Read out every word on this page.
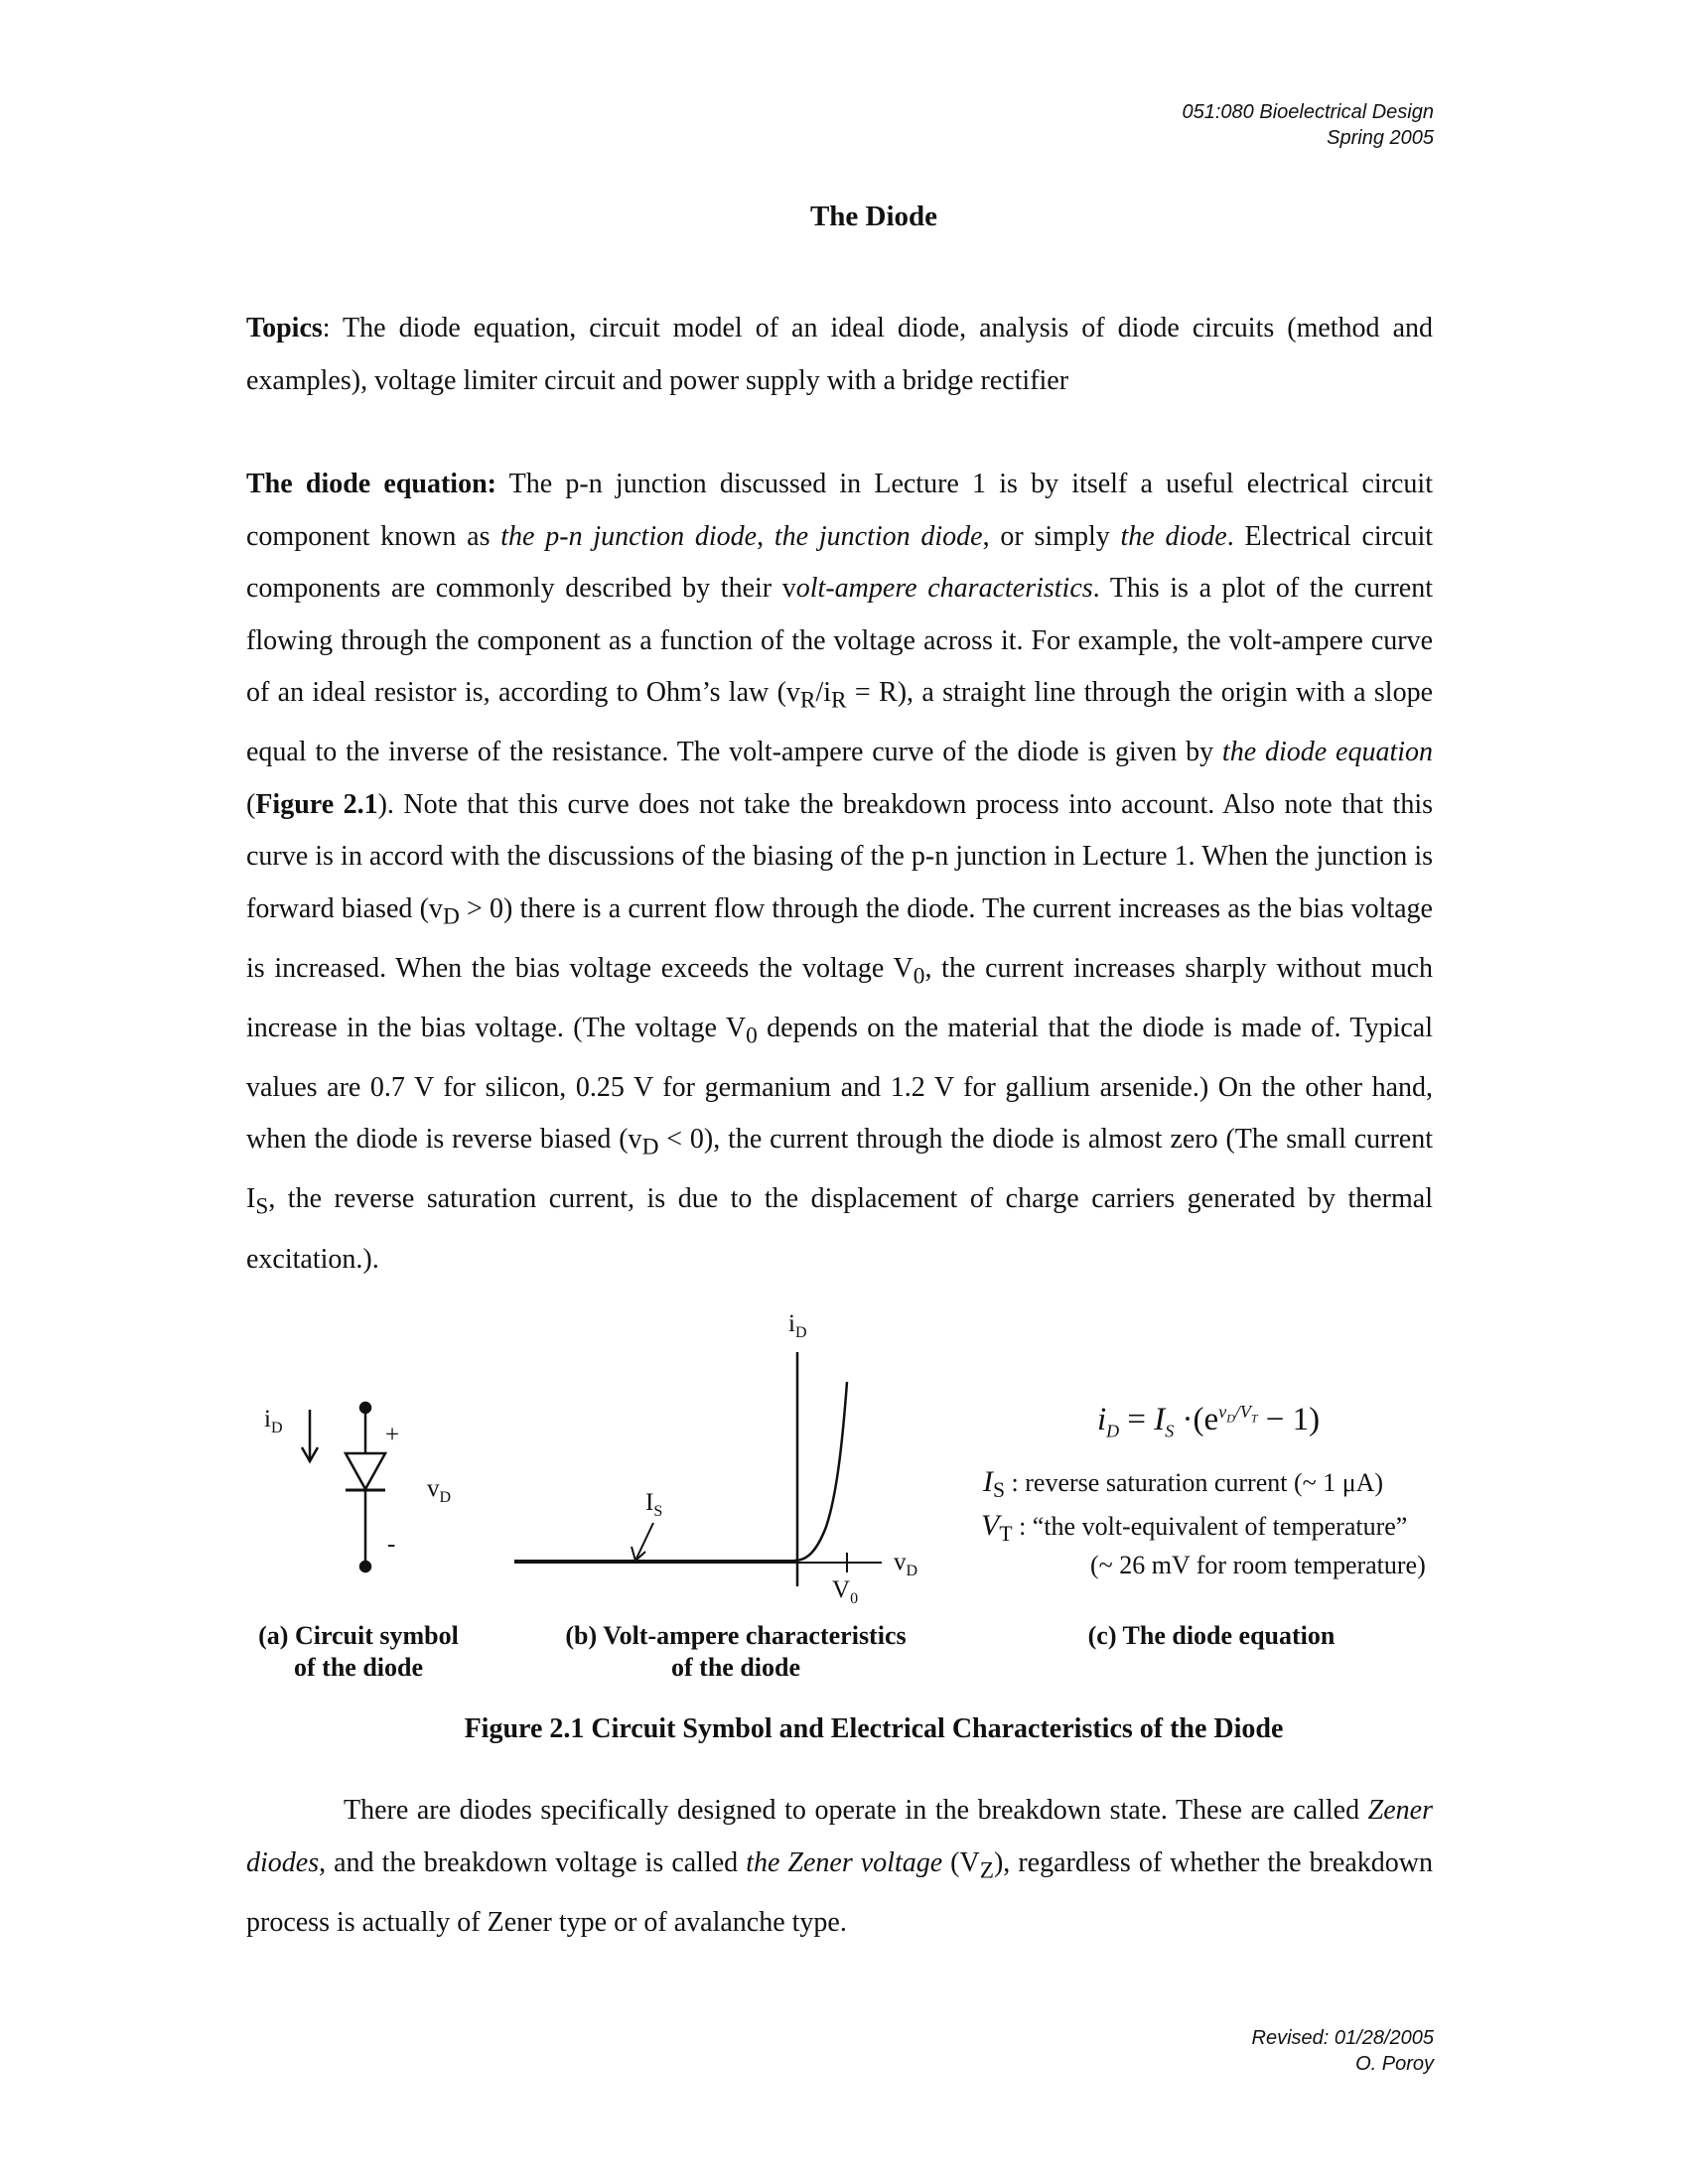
051:080 Bioelectrical Design
Spring 2005
The Diode
Topics: The diode equation, circuit model of an ideal diode, analysis of diode circuits (method and examples), voltage limiter circuit and power supply with a bridge rectifier
The diode equation: The p-n junction discussed in Lecture 1 is by itself a useful electrical circuit component known as the p-n junction diode, the junction diode, or simply the diode. Electrical circuit components are commonly described by their volt-ampere characteristics. This is a plot of the current flowing through the component as a function of the voltage across it. For example, the volt-ampere curve of an ideal resistor is, according to Ohm’s law $(v_R/i_R = R)$, a straight line through the origin with a slope equal to the inverse of the resistance. The volt-ampere curve of the diode is given by the diode equation (Figure 2.1). Note that this curve does not take the breakdown process into account. Also note that this curve is in accord with the discussions of the biasing of the p-n junction in Lecture 1. When the junction is forward biased $(v_D > 0)$ there is a current flow through the diode. The current increases as the bias voltage is increased. When the bias voltage exceeds the voltage $V_0$, the current increases sharply without much increase in the bias voltage. (The voltage $V_0$ depends on the material that the diode is made of. Typical values are 0.7 V for silicon, 0.25 V for germanium and 1.2 V for gallium arsenide.) On the other hand, when the diode is reverse biased $(v_D < 0)$, the current through the diode is almost zero (The small current $I_S$, the reverse saturation current, is due to the displacement of charge carriers generated by thermal excitation.).
$i_D$	+
$v_D$
-
(a) Circuit symbol
of the diode
$i_D$
$I_S$
$v_D$
$V_0$
(b) Volt-ampere characteristics
of the diode
$i_D = I_S \cdot(e^{v_D/V_T} - 1)$
$I_S$ : reverse saturation current (~ 1 μA)
$V_T$ : “the volt-equivalent of temperature”
(~ 26 mV for room temperature)
(c) The diode equation
Figure 2.1 Circuit Symbol and Electrical Characteristics of the Diode
There are diodes specifically designed to operate in the breakdown state. These are called Zener diodes, and the breakdown voltage is called the Zener voltage $(V_Z)$, regardless of whether the breakdown process is actually of Zener type or of avalanche type.
Revised: 01/28/2005
O. Poroy
